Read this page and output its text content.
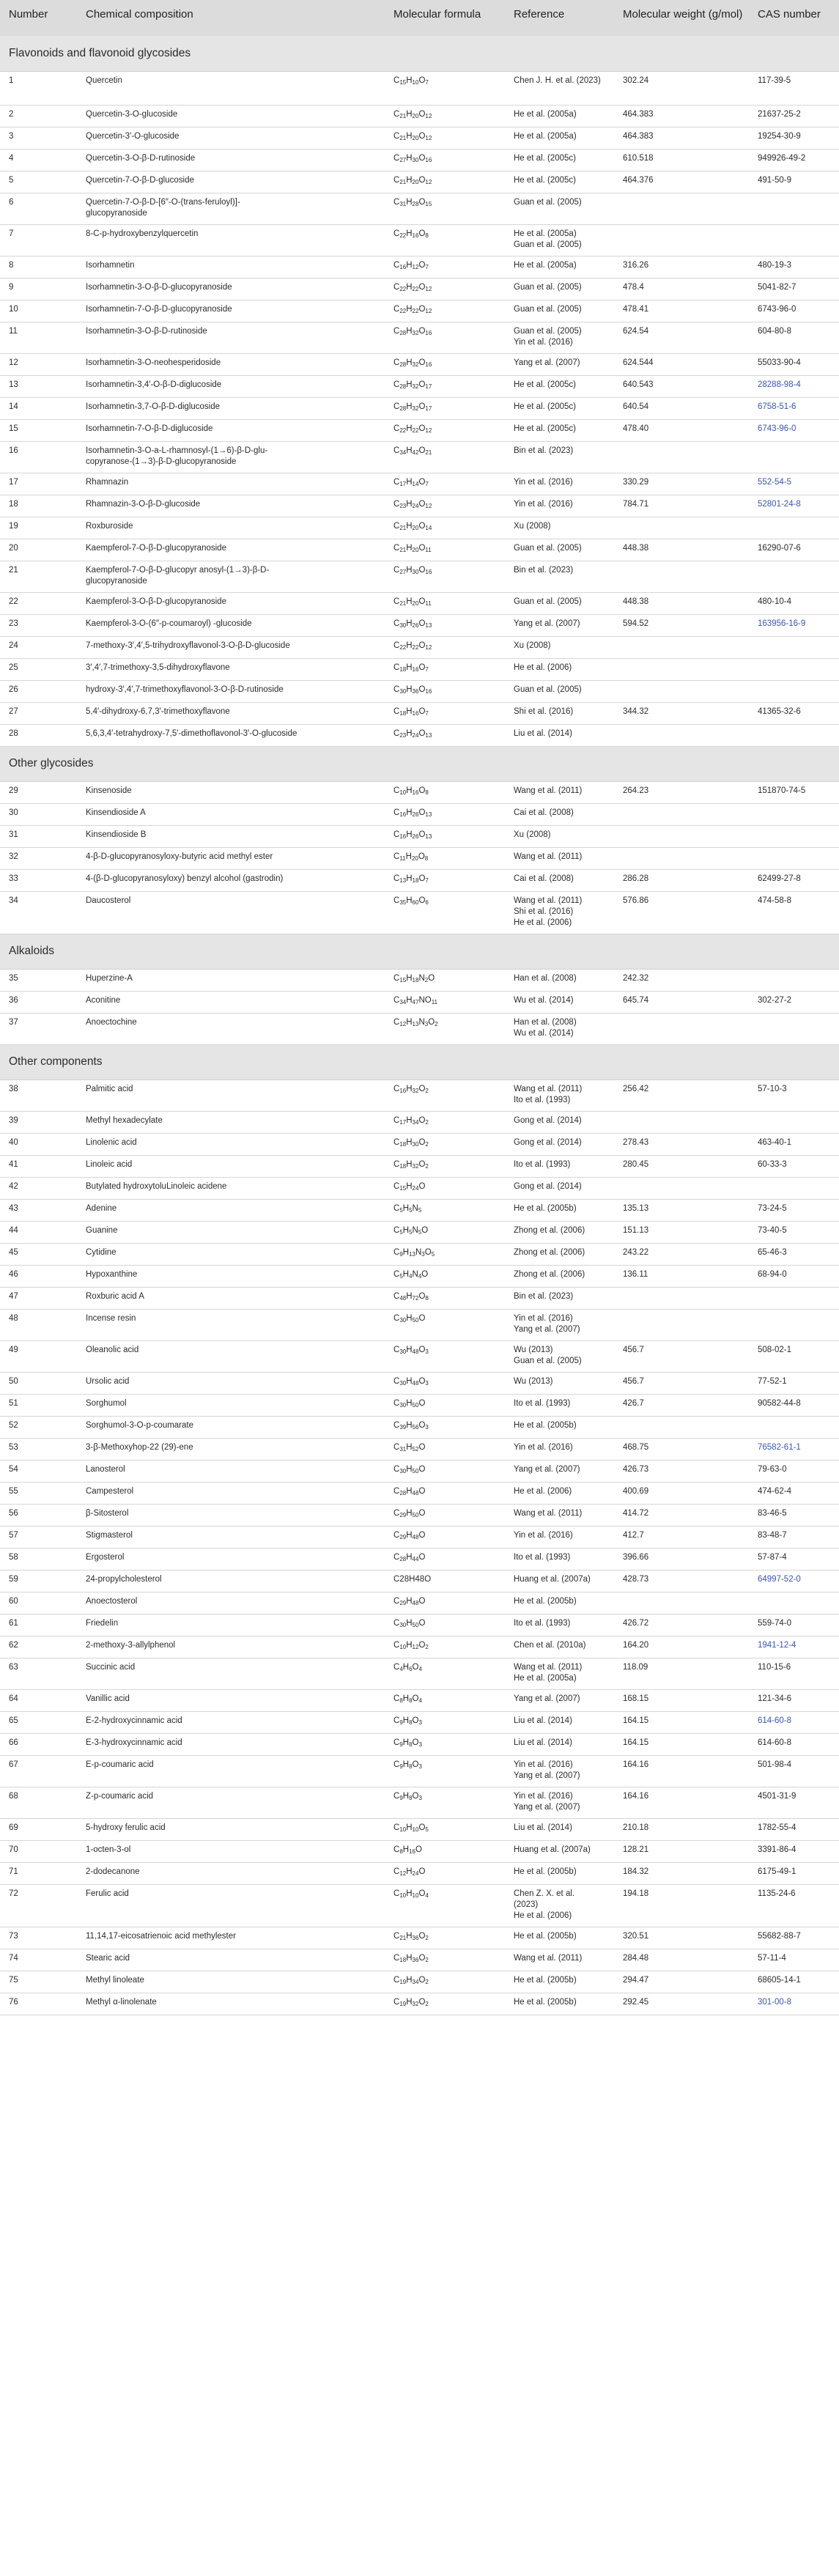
Number	Chemical composition	Molecular formula	Reference	Molecular weight (g/mol)	CAS number
Flavonoids and flavonoid glycosides					
1	Quercetin	$C_{15}H_{10}O_7$	Chen J. H. et al. (2023)	302.24	117-39-5
2	Quercetin-3-O-glucoside	$C_{21}H_{20}O_{12}$	He et al. (2005a)	464.383	21637-25-2
3	Quercetin-3′-O-glucoside	$C_{21}H_{20}O_{12}$	He et al. (2005a)	464.383	19254-30-9
4	Quercetin-3-O-β-D-rutinoside	$C_{27}H_{30}O_{16}$	He et al. (2005c)	610.518	949926-49-2
5	Quercetin-7-O-β-D-glucoside	$C_{21}H_{20}O_{12}$	He et al. (2005c)	464.376	491-50-9
6	Quercetin-7-O-β-D-[6″-O-(trans-feruloyl)]-
glucopyranoside	$C_{31}H_{28}O_{15}$	Guan et al. (2005)		
7	8-C-p-hydroxybenzylquercetin	$C_{22}H_{16}O_8$	He et al. (2005a)
Guan et al. (2005)		
8	Isorhamnetin	$C_{16}H_{12}O_7$	He et al. (2005a)	316.26	480-19-3
9	Isorhamnetin-3-O-β-D-glucopyranoside	$C_{22}H_{22}O_{12}$	Guan et al. (2005)	478.4	5041-82-7
10	Isorhamnetin-7-O-β-D-glucopyranoside	$C_{22}H_{22}O_{12}$	Guan et al. (2005)	478.41	6743-96-0
11	Isorhamnetin-3-O-β-D-rutinoside	$C_{28}H_{32}O_{16}$	Guan et al. (2005)
Yin et al. (2016)	624.54	604-80-8
12	Isorhamnetin-3-O-neohesperidoside	$C_{28}H_{32}O_{16}$	Yang et al. (2007)	624.544	55033-90-4
13	Isorhamnetin-3,4′-O-β-D-diglucoside	$C_{28}H_{32}O_{17}$	He et al. (2005c)	640.543	28288-98-4
14	Isorhamnetin-3,7-O-β-D-diglucoside	$C_{28}H_{32}O_{17}$	He et al. (2005c)	640.54	6758-51-6
15	Isorhamnetin-7-O-β-D-diglucoside	$C_{22}H_{22}O_{12}$	He et al. (2005c)	478.40	6743-96-0
16	Isorhamnetin-3-O-a-L-rhamnosyl-(1→6)-β-D-glu-
copyranose-(1→3)-β-D-glucopyranoside	$C_{34}H_{42}O_{21}$	Bin et al. (2023)		
17	Rhamnazin	$C_{17}H_{14}O_7$	Yin et al. (2016)	330.29	552-54-5
18	Rhamnazin-3-O-β-D-glucoside	$C_{23}H_{24}O_{12}$	Yin et al. (2016)	784.71	52801-24-8
19	Roxburoside	$C_{21}H_{20}O_{14}$	Xu (2008)		
20	Kaempferol-7-O-β-D-glucopyranoside	$C_{21}H_{20}O_{11}$	Guan et al. (2005)	448.38	16290-07-6
21	Kaempferol-7-O-β-D-glucopyr anosyl-(1→3)-β-D-
glucopyranoside	$C_{27}H_{30}O_{16}$	Bin et al. (2023)		
22	Kaempferol-3-O-β-D-glucopyranoside	$C_{21}H_{20}O_{11}$	Guan et al. (2005)	448.38	480-10-4
23	Kaempferol-3-O-(6″-p-coumaroyl) -glucoside	$C_{30}H_{26}O_{13}$	Yang et al. (2007)	594.52	163956-16-9
24	7-methoxy-3′,4′,5-trihydroxyflavonol-3-O-β-D-glucoside	$C_{22}H_{22}O_{12}$	Xu (2008)		
25	3′,4′,7-trimethoxy-3,5-dihydroxyflavone	$C_{18}H_{16}O_7$	He et al. (2006)		
26	hydroxy-3′,4′,7-trimethoxyflavonol-3-O-β-D-rutinoside	$C_{30}H_{36}O_{16}$	Guan et al. (2005)		
27	5,4′-dihydroxy-6,7,3′-trimethoxyflavone	$C_{18}H_{16}O_7$	Shi et al. (2016)	344.32	41365-32-6
28	5,6,3,4′-tetrahydroxy-7,5′-dimethoflavonol-3′-O-glucoside	$C_{23}H_{24}O_{13}$	Liu et al. (2014)		
Other glycosides					
29	Kinsenoside	$C_{10}H_{16}O_8$	Wang et al. (2011)	264.23	151870-74-5
30	Kinsendioside A	$C_{16}H_{26}O_{13}$	Cai et al. (2008)		
31	Kinsendioside B	$C_{16}H_{26}O_{13}$	Xu (2008)		
32	4-β-D-glucopyranosyloxy-butyric acid methyl ester	$C_{11}H_{20}O_8$	Wang et al. (2011)		
33	4-(β-D-glucopyranosyloxy) benzyl alcohol (gastrodin)	$C_{13}H_{18}O_7$	Cai et al. (2008)	286.28	62499-27-8
34	Daucosterol	$C_{35}H_{60}O_6$	Wang et al. (2011)
Shi et al. (2016)
He et al. (2006)	576.86	474-58-8
Alkaloids					
35	Huperzine-A	$C_{15}H_{18}N_2O$	Han et al. (2008)	242.32	
36	Aconitine	$C_{34}H_{47}NO_{11}$	Wu et al. (2014)	645.74	302-27-2
37	Anoectochine	$C_{12}H_{13}N_3O_2$	Han et al. (2008)
Wu et al. (2014)		
Other components					
38	Palmitic acid	$C_{16}H_{32}O_2$	Wang et al. (2011)
Ito et al. (1993)	256.42	57-10-3
39	Methyl hexadecylate	$C_{17}H_{34}O_2$	Gong et al. (2014)		
40	Linolenic acid	$C_{18}H_{30}O_2$	Gong et al. (2014)	278.43	463-40-1
41	Linoleic acid	$C_{18}H_{32}O_2$	Ito et al. (1993)	280.45	60-33-3
42	Butylated hydroxytoluLinoleic acidene	$C_{15}H_{24}O$	Gong et al. (2014)		
43	Adenine	$C_5H_5N_5$	He et al. (2005b)	135.13	73-24-5
44	Guanine	$C_5H_5N_5O$	Zhong et al. (2006)	151.13	73-40-5
45	Cytidine	$C_9H_{13}N_3O_5$	Zhong et al. (2006)	243.22	65-46-3
46	Hypoxanthine	$C_5H_4N_4O$	Zhong et al. (2006)	136.11	68-94-0
47	Roxburic acid A	$C_{48}H_{72}O_8$	Bin et al. (2023)		
48	Incense resin	$C_{30}H_{50}O$	Yin et al. (2016)
Yang et al. (2007)		
49	Oleanolic acid	$C_{30}H_{48}O_3$	Wu (2013)
Guan et al. (2005)	456.7	508-02-1
50	Ursolic acid	$C_{30}H_{48}O_3$	Wu (2013)	456.7	77-52-1
51	Sorghumol	$C_{30}H_{50}O$	Ito et al. (1993)	426.7	90582-44-8
52	Sorghumol-3-O-p-coumarate	$C_{39}H_{56}O_3$	He et al. (2005b)		
53	3-β-Methoxyhop-22 (29)-ene	$C_{31}H_{52}O$	Yin et al. (2016)	468.75	76582-61-1
54	Lanosterol	$C_{30}H_{50}O$	Yang et al. (2007)	426.73	79-63-0
55	Campesterol	$C_{28}H_{48}O$	He et al. (2006)	400.69	474-62-4
56	β-Sitosterol	$C_{29}H_{50}O$	Wang et al. (2011)	414.72	83-46-5
57	Stigmasterol	$C_{29}H_{48}O$	Yin et al. (2016)	412.7	83-48-7
58	Ergosterol	$C_{28}H_{44}O$	Ito et al. (1993)	396.66	57-87-4
59	24-propylcholesterol	C28H48O	Huang et al. (2007a)	428.73	64997-52-0
60	Anoectosterol	$C_{29}H_{48}O$	He et al. (2005b)		
61	Friedelin	$C_{30}H_{50}O$	Ito et al. (1993)	426.72	559-74-0
62	2-methoxy-3-allylphenol	$C_{10}H_{12}O_2$	Chen et al. (2010a)	164.20	1941-12-4
63	Succinic acid	$C_4H_6O_4$	Wang et al. (2011)
He et al. (2005a)	118.09	110-15-6
64	Vanillic acid	$C_8H_8O_4$	Yang et al. (2007)	168.15	121-34-6
65	E-2-hydroxycinnamic acid	$C_9H_8O_3$	Liu et al. (2014)	164.15	614-60-8
66	E-3-hydroxycinnamic acid	$C_9H_8O_3$	Liu et al. (2014)	164.15	614-60-8
67	E-p-coumaric acid	$C_9H_8O_3$	Yin et al. (2016)
Yang et al. (2007)	164.16	501-98-4
68	Z-p-coumaric acid	$C_9H_8O_3$	Yin et al. (2016)
Yang et al. (2007)	164.16	4501-31-9
69	5-hydroxy ferulic acid	$C_{10}H_{10}O_5$	Liu et al. (2014)	210.18	1782-55-4
70	1-octen-3-ol	$C_8H_{16}O$	Huang et al. (2007a)	128.21	3391-86-4
71	2-dodecanone	$C_{12}H_{24}O$	He et al. (2005b)	184.32	6175-49-1
72	Ferulic acid	$C_{10}H_{10}O_4$	Chen Z. X. et al.
(2023)
He et al. (2006)	194.18	1135-24-6
73	11,14,17-eicosatrienoic acid methylester	$C_{21}H_{36}O_2$	He et al. (2005b)	320.51	55682-88-7
74	Stearic acid	$C_{18}H_{36}O_2$	Wang et al. (2011)	284.48	57-11-4
75	Methyl linoleate	$C_{19}H_{34}O_2$	He et al. (2005b)	294.47	68605-14-1
76	Methyl α-linolenate	$C_{19}H_{32}O_2$	He et al. (2005b)	292.45	301-00-8
